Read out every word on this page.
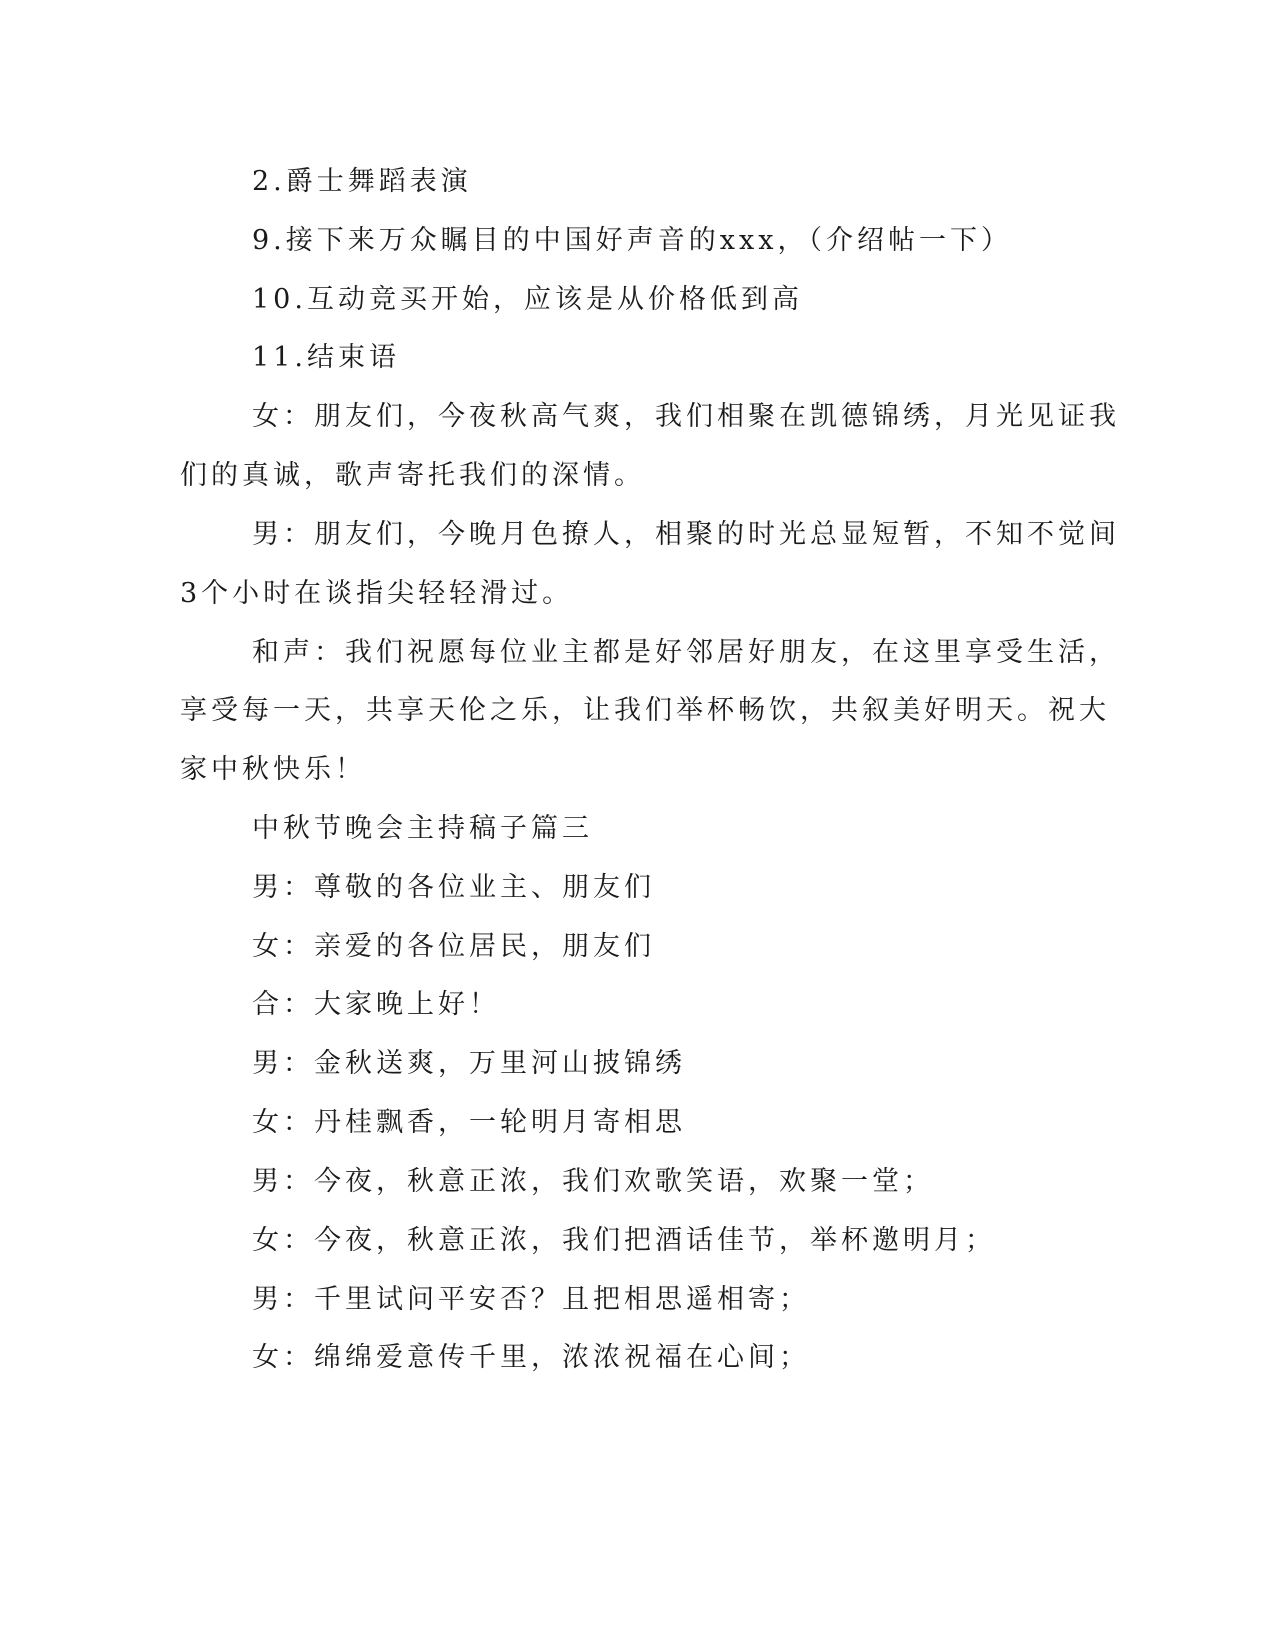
2.爵士舞蹈表演
9.接下来万众瞩目的中国好声音的xxx，（介绍帖一下）
10.互动竞买开始，应该是从价格低到高
11.结束语
女：朋友们，今夜秋高气爽，我们相聚在凯德锦绣，月光见证我
们的真诚，歌声寄托我们的深情。
男：朋友们，今晚月色撩人，相聚的时光总显短暂，不知不觉间
3个小时在谈指尖轻轻滑过。
和声：我们祝愿每位业主都是好邻居好朋友，在这里享受生活，
享受每一天，共享天伦之乐，让我们举杯畅饮，共叙美好明天。祝大
家中秋快乐！
中秋节晚会主持稿子篇三
男：尊敬的各位业主、朋友们
女：亲爱的各位居民，朋友们
合：大家晚上好！
男：金秋送爽，万里河山披锦绣
女：丹桂飘香，一轮明月寄相思
男：今夜，秋意正浓，我们欢歌笑语，欢聚一堂；
女：今夜，秋意正浓，我们把酒话佳节，举杯邀明月；
男：千里试问平安否？且把相思遥相寄；
女：绵绵爱意传千里，浓浓祝福在心间；
